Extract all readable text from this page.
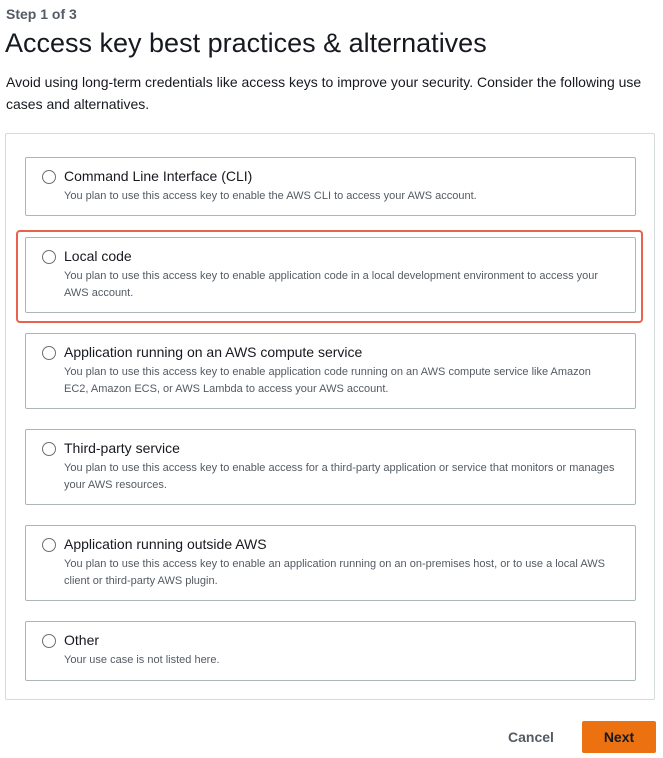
Step 1 of 3
Access key best practices & alternatives

Avoid using long-term credentials like access keys to improve your security. Consider the following use cases and alternatives.

Command Line Interface (CLI)
You plan to use this access key to enable the AWS CLI to access your AWS account.
Local code
You plan to use this access key to enable application code in a local development environment to access your AWS account.
Application running on an AWS compute service
You plan to use this access key to enable application code running on an AWS compute service like Amazon EC2, Amazon ECS, or AWS Lambda to access your AWS account.
Third-party service
You plan to use this access key to enable access for a third-party application or service that monitors or manages your AWS resources.
Application running outside AWS
You plan to use this access key to enable an application running on an on-premises host, or to use a local AWS client or third-party AWS plugin.
Other
Your use case is not listed here.
Cancel	Next
